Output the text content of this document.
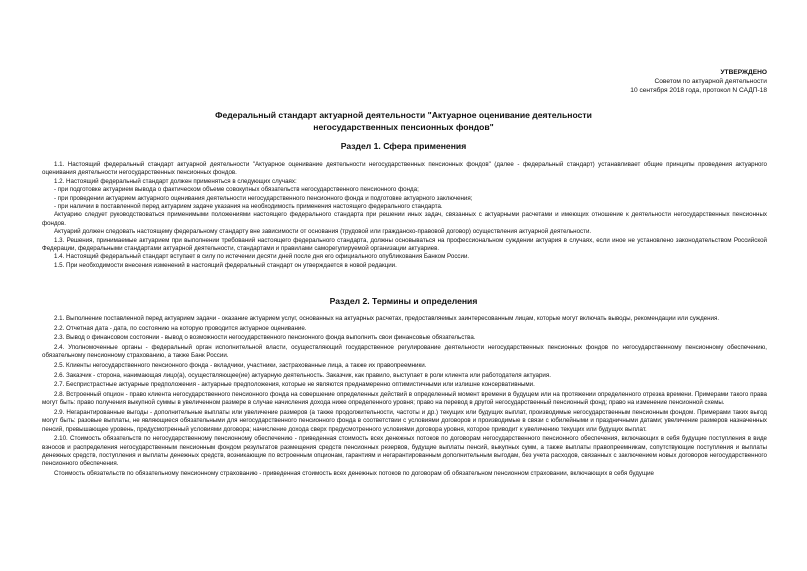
УТВЕРЖДЕНО
Советом по актуарной деятельности
10 сентября 2018 года, протокол N САДП-18
Федеральный стандарт актуарной деятельности "Актуарное оценивание деятельности
негосударственных пенсионных фондов"
Раздел 1. Сфера применения

1.1. Настоящий федеральный стандарт актуарной деятельности "Актуарное оценивание деятельности негосударственных пенсионных фондов" (далее - федеральный стандарт) устанавливает общие принципы проведения актуарного оценивания деятельности негосударственных пенсионных фондов.

1.2. Настоящий федеральный стандарт должен применяться в следующих случаях:

- при подготовке актуарием вывода о фактическом объеме совокупных обязательств негосударственного пенсионного фонда;

- при проведении актуарием актуарного оценивания деятельности негосударственного пенсионного фонда и подготовке актуарного заключения;

- при наличии в поставленной перед актуарием задаче указания на необходимость применения настоящего федерального стандарта.

Актуарию следует руководствоваться применимыми положениями настоящего федерального стандарта при решении иных задач, связанных с актуарными расчетами и имеющих отношение к деятельности негосударственных пенсионных фондов.

Актуарий должен следовать настоящему федеральному стандарту вне зависимости от основания (трудовой или гражданско-правовой договор) осуществления актуарной деятельности.

1.3. Решения, принимаемые актуарием при выполнении требований настоящего федерального стандарта, должны основываться на профессиональном суждении актуария в случаях, если иное не установлено законодательством Российской Федерации, федеральными стандартами актуарной деятельности, стандартами и правилами саморегулируемой организации актуариев.

1.4. Настоящий федеральный стандарт вступает в силу по истечении десяти дней после дня его официального опубликования Банком России.

1.5. При необходимости внесения изменений в настоящий федеральный стандарт он утверждается в новой редакции.

Раздел 2. Термины и определения

2.1. Выполнение поставленной перед актуарием задачи - оказание актуарием услуг, основанных на актуарных расчетах, предоставляемых заинтересованным лицам, которые могут включать выводы, рекомендации или суждения.

2.2. Отчетная дата - дата, по состоянию на которую проводится актуарное оценивание.

2.3. Вывод о финансовом состоянии - вывод о возможности негосударственного пенсионного фонда выполнить свои финансовые обязательства.

2.4. Уполномоченные органы - федеральный орган исполнительной власти, осуществляющий государственное регулирование деятельности негосударственных пенсионных фондов по негосударственному пенсионному обеспечению, обязательному пенсионному страхованию, а также Банк России.

2.5. Клиенты негосударственного пенсионного фонда - вкладчики, участники, застрахованные лица, а также их правопреемники.

2.6. Заказчик - сторона, нанимающая лицо(а), осуществляющее(ие) актуарную деятельность. Заказчик, как правило, выступает в роли клиента или работодателя актуария.

2.7. Беспристрастные актуарные предположения - актуарные предположения, которые не являются преднамеренно оптимистичными или излишне консервативными.

2.8. Встроенный опцион - право клиента негосударственного пенсионного фонда на совершение определенных действий в определенный момент времени в будущем или на протяжении определенного отрезка времени. Примерами такого права могут быть: право получения выкупной суммы в увеличенном размере в случае начисления дохода ниже определенного уровня; право на перевод в другой негосударственный пенсионный фонд; право на изменение пенсионной схемы.

2.9. Негарантированные выгоды - дополнительные выплаты или увеличение размеров (а также продолжительности, частоты и др.) текущих или будущих выплат, производимые негосударственным пенсионным фондом. Примерами таких выгод могут быть: разовые выплаты, не являющиеся обязательными для негосударственного пенсионного фонда в соответствии с условиями договоров и производимые в связи с юбилейными и праздничными датами; увеличение размеров назначенных пенсий, превышающее уровень, предусмотренный условиями договора; начисление дохода сверх предусмотренного условиями договора уровня, которое приводит к увеличению текущих или будущих выплат.

2.10. Стоимость обязательств по негосударственному пенсионному обеспечению - приведенная стоимость всех денежных потоков по договорам негосударственного пенсионного обеспечения, включающих в себя будущие поступления в виде взносов и распределения негосударственным пенсионным фондом результатов размещения средств пенсионных резервов, будущие выплаты пенсий, выкупных сумм, а также выплаты правопреемникам, сопутствующие поступления и выплаты денежных средств, поступления и выплаты денежных средств, возникающие по встроенным опционам, гарантиям и негарантированным дополнительным выгодам, без учета расходов, связанных с заключением новых договоров негосударственного пенсионного обеспечения.

Стоимость обязательств по обязательному пенсионному страхованию - приведенная стоимость всех денежных потоков по договорам об обязательном пенсионном страховании, включающих в себя будущие
